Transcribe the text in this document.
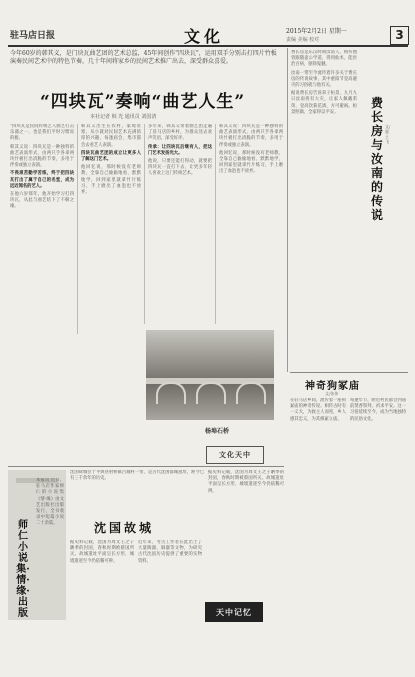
驻马店日报	文化	2015年2月2日 星期一
责编 美编 校对	3
今年60岁的韩其义，是门块瓦曲艺团的艺术总监，45年间创作"四块瓦"，运用双手分别击打四片竹板演奏民间艺术中的特色节奏，几十年间将家乡的民间艺术推广出去，深受群众喜爱。
“四块瓦”奏响“曲艺人生”
本社记者 韩 光 通讯员 刘国清

"四块瓦是民间传统艺人曲艺打击乐器之一，也是我们平时习惯说的板。

韩其义说：四块瓦是一种独特的曲艺表演形式，由两只手各拿两块竹板打出清脆的节奏，多用于伴奏或独立表演。

不畏艰苦勤学苦练，终于把四块瓦打出了属于自己的名堂，成为远近闻名的艺人。

在他六岁那年，他开始学习打四块瓦，从此与曲艺结下了不解之缘。

韩其义出生在农村，家境贫寒，从小就对民间艺术充满浓厚的兴趣，每逢庙会、集市都会去看艺人表演。

四块瓦曲艺团的成立让更多人了解这门艺术。

他回忆说，那时候没有老师教，全靠自己偷偷地看、默默地学，回到家里就拿竹片练习，手上磨出了血泡也不放弃。

多年来，韩其义带着曲艺团走遍了驻马店的乡村，为群众送去欢声笑语，深受好评。

传承：让四块瓦后继有人，把这门艺术发扬光大。

他说，只要还能打得动，就要把四块瓦一直打下去，让更多年轻人喜欢上这门传统艺术。

韩其义说：四块瓦是一种独特的曲艺表演形式，由两只手各拿两块竹板打出清脆的节奏，多用于伴奏或独立表演。

他回忆说，那时候没有老师教，全靠自己偷偷地看、默默地学，回到家里就拿竹片练习，手上磨出了血泡也不放弃。

费长房是东汉时期汝南人，相传他曾跟随壶公学道，得到仙术，能医治百病，驱除鬼魅。

汝南一带至今流传着许多关于费长房的传说故事，其中重阳节登高避灾的习俗就与他有关。

据说费长房告诉弟子桓景，九月九日汝南将有大灾，让家人佩戴茱萸、登高饮菊花酒，方可避祸。桓景照做，全家得以平安。

费长房与汝南的传说
文/霍士飞
杨埠石桥
文化天中
神奇狗冢庙
文/张伟

在驻马店乡间，流传着一座狗冢庙的神奇传说。相传古时有一义犬，为救主人而死，乡人感其忠义，为其修冢立庙。

每逢年节，附近村民都会到庙前焚香祭拜，祈求平安。这一习俗延续至今，成为当地独特的民俗文化。

沈国故城

沈国故城位于平舆县射桥镇古城村一带，是古代沈国都城遗址，距今已有三千余年的历史。

据史料记载，沈国为周文王之子聃季的封国，春秋时期被蔡国所灭。故城遗址平面呈长方形，城墙遗迹至今仍依稀可辨。

近年来，考古工作者在此出土了大量陶器、铜器等文物，为研究古代沈国历史提供了重要的实物资料。

据史料记载，沈国为周文王之子聃季的封国，春秋时期被蔡国所灭。故城遗址平面呈长方形，城墙遗迹至今仍依稀可辨。

天中记忆
师仁小说集·情·缘·出版
本报讯 近日，驻马店作家师仁的小说集《情·缘》由文艺出版社出版发行，全书收录中短篇小说二十余篇。
